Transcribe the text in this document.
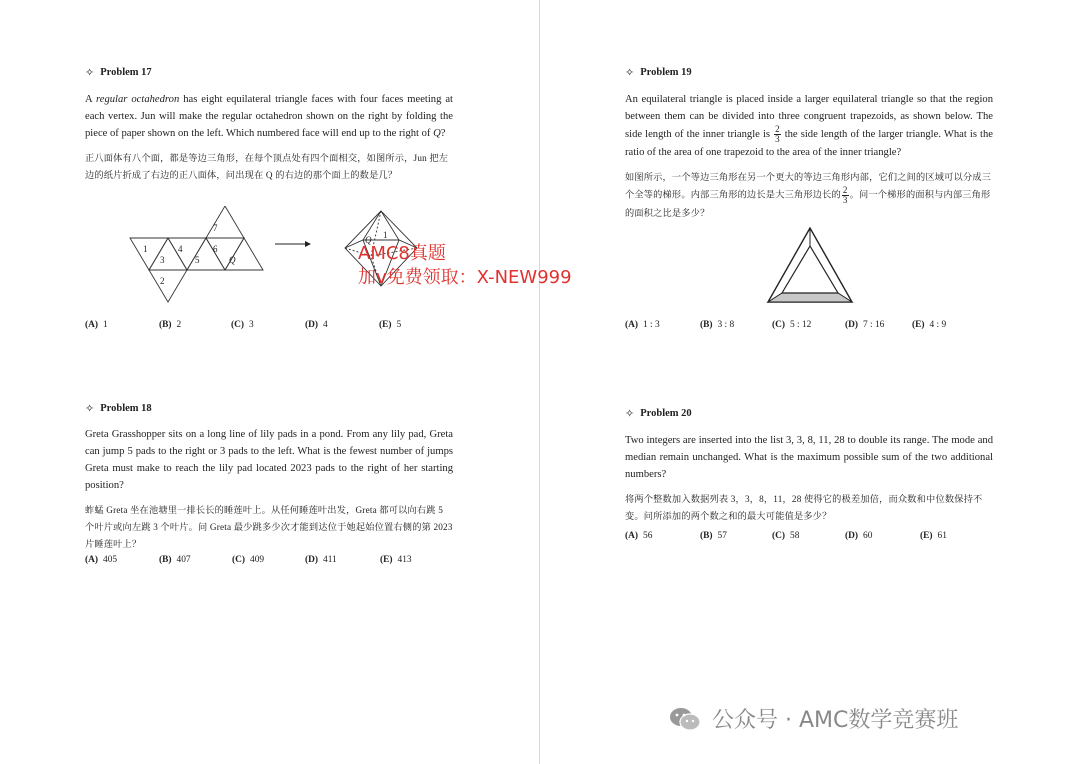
✧ Problem 17
A regular octahedron has eight equilateral triangle faces with four faces meeting at each vertex. Jun will make the regular octahedron shown on the right by folding the piece of paper shown on the left. Which numbered face will end up to the right of Q?
正八面体有八个面，都是等边三角形，在每个顶点处有四个面相交，如图所示，Jun 把左边的纸片折成了右边的正八面体，问出现在 Q 的右边的那个面上的数是几？
1
3
4
5
6
7
Q
2
Q 1
(A) 1	(B) 2	(C) 3	(D) 4	(E) 5
✧ Problem 18
Greta Grasshopper sits on a long line of lily pads in a pond. From any lily pad, Greta can jump 5 pads to the right or 3 pads to the left. What is the fewest number of jumps Greta must make to reach the lily pad located 2023 pads to the right of her starting position?
蚱蜢 Greta 坐在池塘里一排长长的睡莲叶上。从任何睡莲叶出发，Greta 都可以向右跳 5 个叶片或向左跳 3 个叶片。问 Greta 最少跳多少次才能到达位于她起始位置右侧的第 2023 片睡莲叶上？
(A) 405	(B) 407	(C) 409	(D) 411	(E) 413
✧ Problem 19
An equilateral triangle is placed inside a larger equilateral triangle so that the region between them can be divided into three congruent trapezoids, as shown below. The side length of the inner triangle is $\frac{2}{3}$ the side length of the larger triangle. What is the ratio of the area of one trapezoid to the area of the inner triangle?
如图所示，一个等边三角形在另一个更大的等边三角形内部，它们之间的区域可以分成三个全等的梯形。内部三角形的边长是大三角形边长的 $\frac{2}{3}$ 。问一个梯形的面积与内部三角形的面积之比是多少？
(A) 1 : 3	(B) 3 : 8	(C) 5 : 12	(D) 7 : 16	(E) 4 : 9
✧ Problem 20
Two integers are inserted into the list 3, 3, 8, 11, 28 to double its range. The mode and median remain unchanged. What is the maximum possible sum of the two additional numbers?
将两个整数加入数据列表 3，3，8，11，28 使得它的极差加倍，而众数和中位数保持不变。问所添加的两个数之和的最大可能值是多少？
(A) 56	(B) 57	(C) 58	(D) 60	(E) 61
AMC8真题
加v免费领取：X-NEW999
公众号 · AMC数学竞赛班
